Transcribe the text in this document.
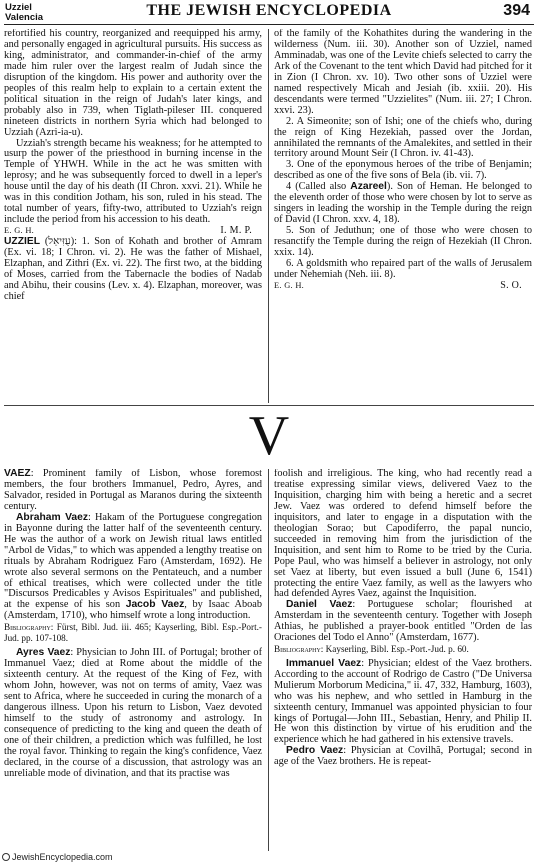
Uzziel
Valencia	THE JEWISH ENCYCLOPEDIA	394

refortified his country, reorganized and reequipped his army, and personally engaged in agricultural pursuits. His success as king, administrator, and commander-in-chief of the army made him ruler over the largest realm of Judah since the disruption of the kingdom. His power and authority over the peoples of this realm help to explain to a certain extent the political situation in the reign of Judah's later kings, and probably also in 739, when Tiglath-pileser III. conquered nineteen districts in northern Syria which had belonged to Uzziah (Azri-ia-u).

Uzziah's strength became his weakness; for he attempted to usurp the power of the priesthood in burning incense in the Temple of YHWH. While in the act he was smitten with leprosy; and he was subsequently forced to dwell in a leper's house until the day of his death (II Chron. xxvi. 21). While he was in this condition Jotham, his son, ruled in his stead. The total number of years, fifty-two, attributed to Uzziah's reign include the period from his accession to his death.

E. G. H.	I. M. P.

UZZIEL (עֻזִּיאֵל): 1. Son of Kohath and brother of Amram (Ex. vi. 18; I Chron. vi. 2). He was the father of Mishael, Elzaphan, and Zithri (Ex. vi. 22). The first two, at the bidding of Moses, carried from the Tabernacle the bodies of Nadab and Abihu, their cousins (Lev. x. 4). Elzaphan, moreover, was chief

of the family of the Kohathites during the wandering in the wilderness (Num. iii. 30). Another son of Uzziel, named Amminadab, was one of the Levite chiefs selected to carry the Ark of the Covenant to the tent which David had pitched for it in Zion (I Chron. xv. 10). Two other sons of Uzziel were named respectively Micah and Jesiah (ib. xxiii. 20). His descendants were termed "Uzzielites" (Num. iii. 27; I Chron. xxvi. 23).

2. A Simeonite; son of Ishi; one of the chiefs who, during the reign of King Hezekiah, passed over the Jordan, annihilated the remnants of the Amalekites, and settled in their territory around Mount Seir (I Chron. iv. 41-43).

3. One of the eponymous heroes of the tribe of Benjamin; described as one of the five sons of Bela (ib. vii. 7).

4 (Called also Azareel). Son of Heman. He belonged to the eleventh order of those who were chosen by lot to serve as singers in leading the worship in the Temple during the reign of David (I Chron. xxv. 4, 18).

5. Son of Jeduthun; one of those who were chosen to resanctify the Temple during the reign of Hezekiah (II Chron. xxix. 14).

6. A goldsmith who repaired part of the walls of Jerusalem under Nehemiah (Neh. iii. 8).

E. G. H.	S. O.
V

VAEZ: Prominent family of Lisbon, whose foremost members, the four brothers Immanuel, Pedro, Ayres, and Salvador, resided in Portugal as Maranos during the sixteenth century.

Abraham Vaez: Hakam of the Portuguese congregation in Bayonne during the latter half of the seventeenth century. He was the author of a work on Jewish ritual laws entitled "Arbol de Vidas," to which was appended a lengthy treatise on rituals by Abraham Rodriguez Faro (Amsterdam, 1692). He wrote also several sermons on the Pentateuch, and a number of ethical treatises, which were collected under the title "Discursos Predicables y Avisos Espirituales" and published, at the expense of his son Jacob Vaez, by Isaac Aboab (Amsterdam, 1710), who himself wrote a long introduction.

Bibliography: Fürst, Bibl. Jud. iii. 465; Kayserling, Bibl. Esp.-Port.-Jud. pp. 107-108.

Ayres Vaez: Physician to John III. of Portugal; brother of Immanuel Vaez; died at Rome about the middle of the sixteenth century. At the request of the King of Fez, with whom John, however, was not on terms of amity, Vaez was sent to Africa, where he succeeded in curing the monarch of a dangerous illness. Upon his return to Lisbon, Vaez devoted himself to the study of astronomy and astrology. In consequence of predicting to the king and queen the death of one of their children, a prediction which was fulfilled, he lost the royal favor. Thinking to regain the king's confidence, Vaez declared, in the course of a discussion, that astrology was an unreliable mode of divination, and that its practise was

foolish and irreligious. The king, who had recently read a treatise expressing similar views, delivered Vaez to the Inquisition, charging him with being a heretic and a secret Jew. Vaez was ordered to defend himself before the inquisitors, and later to engage in a disputation with the theologian Sorao; but Capodiferro, the papal nuncio, succeeded in removing him from the jurisdiction of the Inquisition, and sent him to Rome to be tried by the Curia. Pope Paul, who was himself a believer in astrology, not only set Vaez at liberty, but even issued a bull (June 6, 1541) protecting the entire Vaez family, as well as the lawyers who had defended Ayres Vaez, against the Inquisition.

Daniel Vaez: Portuguese scholar; flourished at Amsterdam in the seventeenth century. Together with Joseph Athias, he published a prayer-book entitled "Orden de las Oraciones del Todo el Anno" (Amsterdam, 1677).

Bibliography: Kayserling, Bibl. Esp.-Port.-Jud. p. 60.

Immanuel Vaez: Physician; eldest of the Vaez brothers. According to the account of Rodrigo de Castro ("De Universa Mulierum Morborum Medicina," ii. 47, 332, Hamburg, 1603), who was his nephew, and who settled in Hamburg in the sixteenth century, Immanuel was appointed physician to four kings of Portugal—John III., Sebastian, Henry, and Philip II. He won this distinction by virtue of his erudition and the experience which he had gathered in his extensive travels.

Pedro Vaez: Physician at Covilhã, Portugal; second in age of the Vaez brothers. He is repeat-

JewishEncyclopedia.com
